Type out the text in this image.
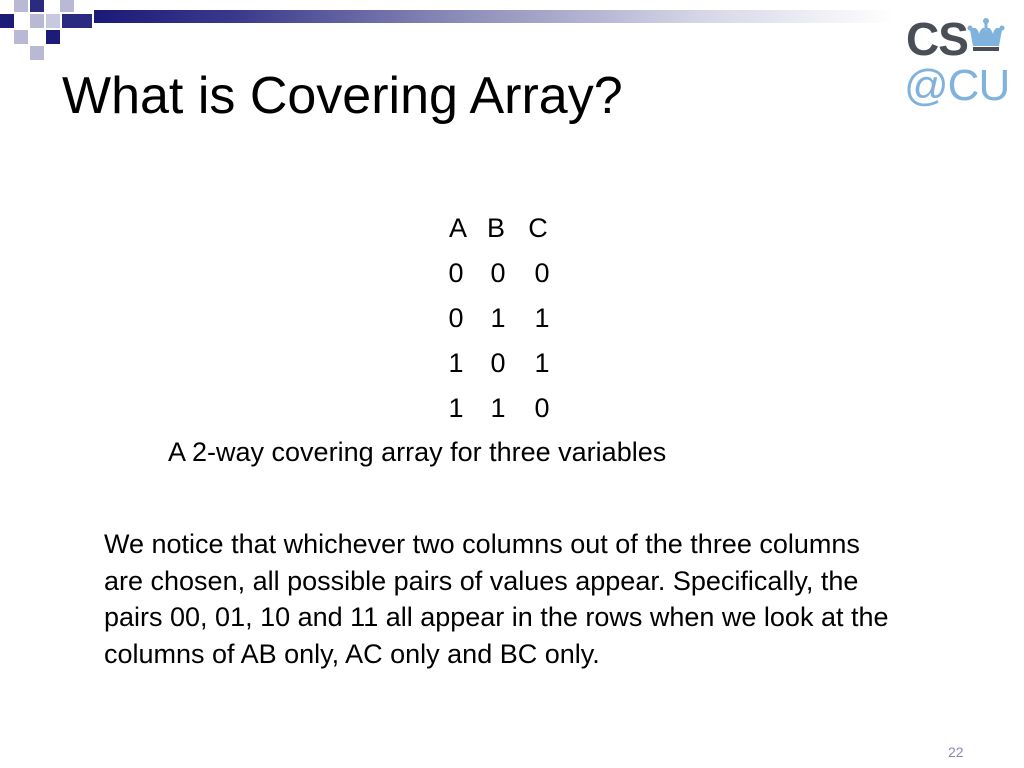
CS
@CU
What is Covering Array?
A B C
0 0 0
0 1 1
1 0 1
1 1 0
A 2-way covering array for three variables
We notice that whichever two columns out of the three columns are chosen, all possible pairs of values appear. Specifically, the pairs 00, 01, 10 and 11 all appear in the rows when we look at the columns of AB only, AC only and BC only.
22
